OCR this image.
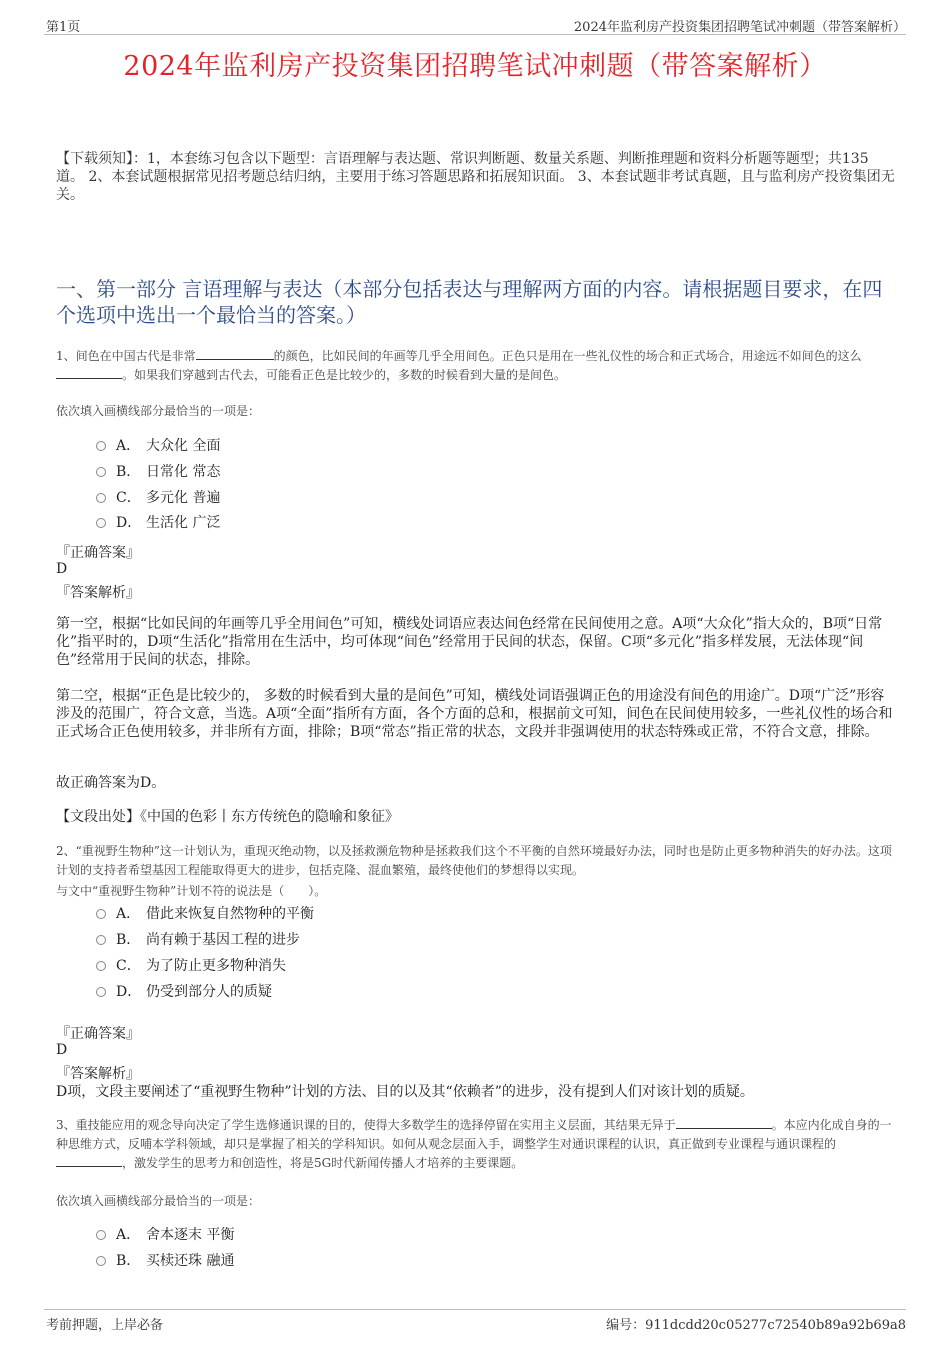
第1页	2024年监利房产投资集团招聘笔试冲刺题（带答案解析）
2024年监利房产投资集团招聘笔试冲刺题（带答案解析）
【下载须知】：1，本套练习包含以下题型：言语理解与表达题、常识判断题、数量关系题、判断推理题和资料分析题等题型；共135道。 2、本套试题根据常见招考题总结归纳，主要用于练习答题思路和拓展知识面。 3、本套试题非考试真题，且与监利房产投资集团无关。
一、第一部分 言语理解与表达（本部分包括表达与理解两方面的内容。请根据题目要求，在四个选项中选出一个最恰当的答案。）
1、间色在中国古代是非常	的颜色，比如民间的年画等几乎全用间色。正色只是用在一些礼仪性的场合和正式场合，用途远不如间色的这么。如果我们穿越到古代去，可能看正色是比较少的，多数的时候看到大量的是间色。
依次填入画横线部分最恰当的一项是：
A． 大众化 全面
B． 日常化 常态
C． 多元化 普遍
D． 生活化 广泛
『正确答案』
D
『答案解析』
第一空，根据“比如民间的年画等几乎全用间色”可知，横线处词语应表达间色经常在民间使用之意。A项“大众化”指大众的，B项“日常化”指平时的，D项“生活化”指常用在生活中，均可体现“间色”经常用于民间的状态，保留。C项“多元化”指多样发展，无法体现“间色”经常用于民间的状态，排除。
第二空，根据“正色是比较少的， 多数的时候看到大量的是间色”可知，横线处词语强调正色的用途没有间色的用途广。D项“广泛”形容涉及的范围广，符合文意，当选。A项“全面”指所有方面，各个方面的总和，根据前文可知，间色在民间使用较多，一些礼仪性的场合和正式场合正色使用较多，并非所有方面，排除；B项“常态”指正常的状态，文段并非强调使用的状态特殊或正常，不符合文意，排除。
故正确答案为D。
【文段出处】《中国的色彩丨东方传统色的隐喻和象征》
2、“重视野生物种”这一计划认为，重现灭绝动物，以及拯救濒危物种是拯救我们这个不平衡的自然环境最好办法，同时也是防止更多物种消失的好办法。这项计划的支持者希望基因工程能取得更大的进步，包括克隆、混血繁殖，最终使他们的梦想得以实现。
与文中“重视野生物种”计划不符的说法是（　　）。
A． 借此来恢复自然物种的平衡
B． 尚有赖于基因工程的进步
C． 为了防止更多物种消失
D． 仍受到部分人的质疑
『正确答案』
D
『答案解析』
D项，文段主要阐述了“重视野生物种”计划的方法、目的以及其“依赖者”的进步，没有提到人们对该计划的质疑。
3、重技能应用的观念导向决定了学生选修通识课的目的，使得大多数学生的选择停留在实用主义层面，其结果无异于	。本应内化成自身的一种思维方式，反哺本学科领域，却只是掌握了相关的学科知识。如何从观念层面入手，调整学生对通识课程的认识，真正做到专业课程与通识课程的，激发学生的思考力和创造性，将是5G时代新闻传播人才培养的主要课题。
依次填入画横线部分最恰当的一项是：
A． 舍本逐末 平衡
B． 买椟还珠 融通
考前押题，上岸必备	编号：911dcdd20c05277c72540b89a92b69a8
